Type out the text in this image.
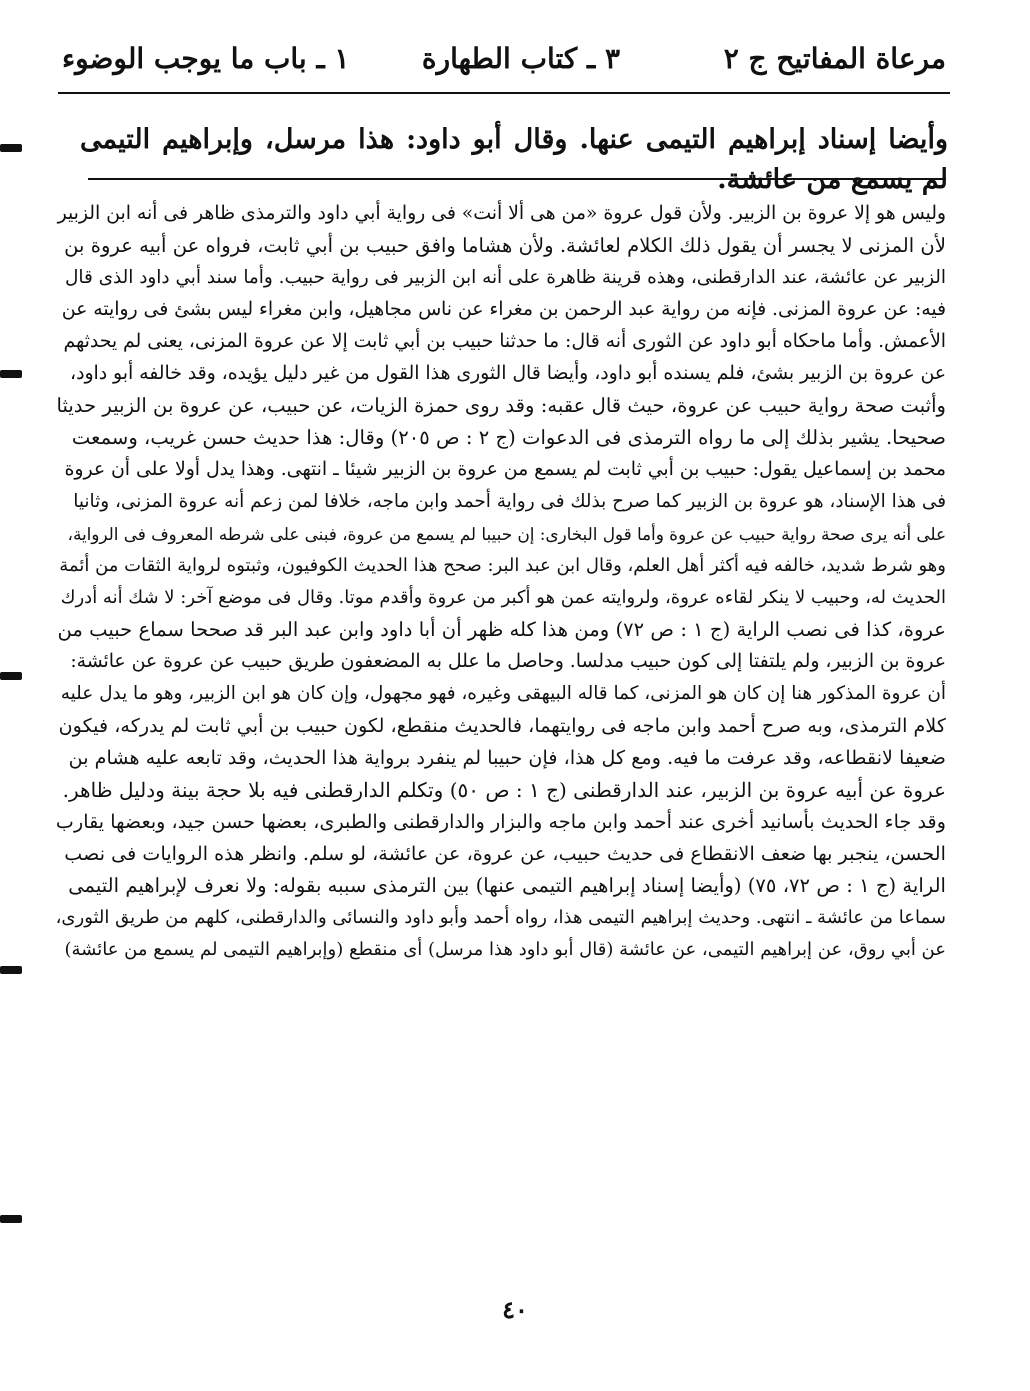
مرعاة المفاتيح ج ٢
٣ ـ كتاب الطهارة
١ ـ باب ما يوجب الوضوء
وأيضا إسناد إبراهيم التيمى عنها. وقال أبو داود: هذا مرسل، وإبراهيم التيمى لم يسمع من عائشة.
وليس هو إلا عروة بن الزبير. ولأن قول عروة «من هى ألا أنت» فى رواية أبي داود والترمذى ظاهر فى أنه ابن الزبير
لأن المزنى لا يجسر أن يقول ذلك الكلام لعائشة. ولأن هشاما وافق حبيب بن أبي ثابت، فرواه عن أبيه عروة بن
الزبير عن عائشة، عند الدارقطنى، وهذه قرينة ظاهرة على أنه ابن الزبير فى رواية حبيب. وأما سند أبي داود الذى قال
فيه: عن عروة المزنى. فإنه من رواية عبد الرحمن بن مغراء عن ناس مجاهيل، وابن مغراء ليس بشئ فى روايته عن
الأعمش. وأما ماحكاه أبو داود عن الثورى أنه قال: ما حدثنا حبيب بن أبي ثابت إلا عن عروة المزنى، يعنى لم يحدثهم
عن عروة بن الزبير بشئ، فلم يسنده أبو داود، وأيضا قال الثورى هذا القول من غير دليل يؤيده، وقد خالفه أبو داود،
وأثبت صحة رواية حبيب عن عروة، حيث قال عقبه: وقد روى حمزة الزيات، عن حبيب، عن عروة بن الزبير حديثا
صحيحا. يشير بذلك إلى ما رواه الترمذى فى الدعوات (ج ٢ : ص ٢٠٥) وقال: هذا حديث حسن غريب، وسمعت
محمد بن إسماعيل يقول: حبيب بن أبي ثابت لم يسمع من عروة بن الزبير شيئا ـ انتهى. وهذا يدل أولا على أن عروة
فى هذا الإسناد، هو عروة بن الزبير كما صرح بذلك فى رواية أحمد وابن ماجه، خلافا لمن زعم أنه عروة المزنى، وثانيا
على أنه يرى صحة رواية حبيب عن عروة وأما قول البخارى: إن حبيبا لم يسمع من عروة، فبنى على شرطه المعروف فى الرواية،
وهو شرط شديد، خالفه فيه أكثر أهل العلم، وقال ابن عبد البر: صحح هذا الحديث الكوفيون، وثبتوه لرواية الثقات من أئمة
الحديث له، وحبيب لا ينكر لقاءه عروة، ولروايته عمن هو أكبر من عروة وأقدم موتا. وقال فى موضع آخر: لا شك أنه أدرك
عروة، كذا فى نصب الراية (ج ١ : ص ٧٢) ومن هذا كله ظهر أن أبا داود وابن عبد البر قد صححا سماع حبيب من
عروة بن الزبير، ولم يلتفتا إلى كون حبيب مدلسا. وحاصل ما علل به المضعفون طريق حبيب عن عروة عن عائشة:
أن عروة المذكور هنا إن كان هو المزنى، كما قاله البيهقى وغيره، فهو مجهول، وإن كان هو ابن الزبير، وهو ما يدل عليه
كلام الترمذى، وبه صرح أحمد وابن ماجه فى روايتهما، فالحديث منقطع، لكون حبيب بن أبي ثابت لم يدركه، فيكون
ضعيفا لانقطاعه، وقد عرفت ما فيه. ومع كل هذا، فإن حبيبا لم ينفرد برواية هذا الحديث، وقد تابعه عليه هشام بن
عروة عن أبيه عروة بن الزبير، عند الدارقطنى (ج ١ : ص ٥٠) وتكلم الدارقطنى فيه بلا حجة بينة ودليل ظاهر.
وقد جاء الحديث بأسانيد أخرى عند أحمد وابن ماجه والبزار والدارقطنى والطبرى، بعضها حسن جيد، وبعضها يقارب
الحسن، ينجبر بها ضعف الانقطاع فى حديث حبيب، عن عروة، عن عائشة، لو سلم. وانظر هذه الروايات فى نصب
الراية (ج ١ : ص ٧٢، ٧٥) (وأيضا إسناد إبراهيم التيمى عنها) بين الترمذى سببه بقوله: ولا نعرف لإبراهيم التيمى
سماعا من عائشة ـ انتهى. وحديث إبراهيم التيمى هذا، رواه أحمد وأبو داود والنسائى والدارقطنى، كلهم من طريق الثورى،
عن أبي روق، عن إبراهيم التيمى، عن عائشة (قال أبو داود هذا مرسل) أى منقطع (وإبراهيم التيمى لم يسمع من عائشة)
٤٠
